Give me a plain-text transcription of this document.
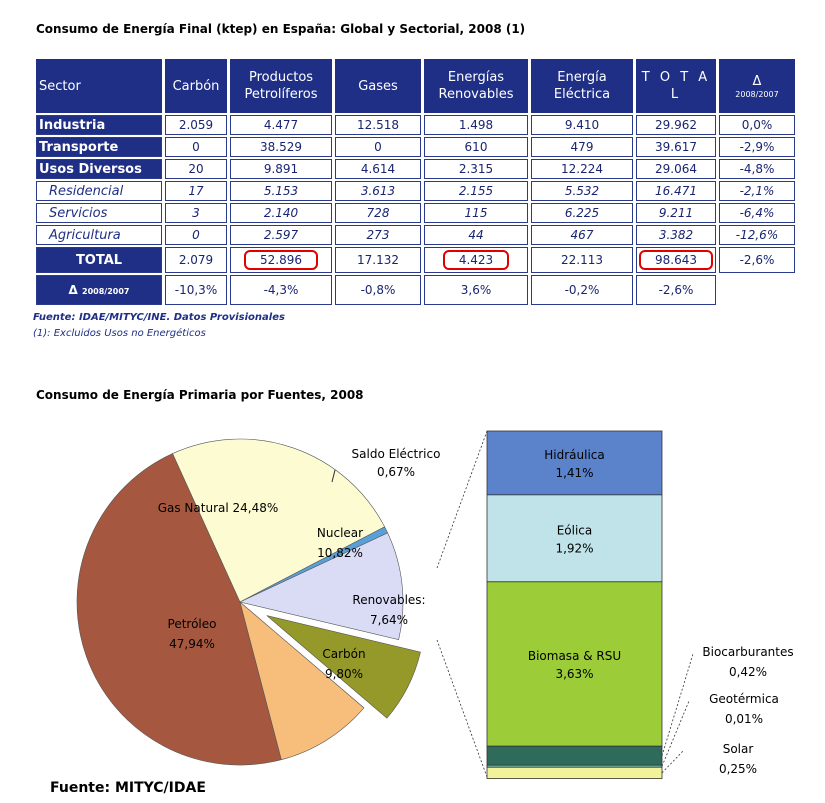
Consumo de Energía Final (ktep) en España: Global y Sectorial, 2008 (1)
Sector	Carbón	Productos Petrolíferos	Gases	Energías Renovables	Energía Eléctrica	T O T A L	Δ
2008/2007

Industria	2.059	4.477	12.518	1.498	9.410	29.962	0,0%
Transporte	0	38.529	0	610	479	39.617	-2,9%
Usos Diversos	20	9.891	4.614	2.315	12.224	29.064	-4,8%
Residencial	17	5.153	3.613	2.155	5.532	16.471	-2,1%
Servicios	3	2.140	728	115	6.225	9.211	-6,4%
Agricultura	0	2.597	273	44	467	3.382	-12,6%
TOTAL	2.079	52.896	17.132	4.423	22.113	98.643	-2,6%
Δ 2008/2007	-10,3%	-4,3%	-0,8%	3,6%	-0,2%	-2,6%	
Fuente: IDAE/MITYC/INE. Datos Provisionales
(1): Excluidos Usos no Energéticos
Consumo de Energía Primaria por Fuentes, 2008
Petróleo
47,94%
Gas Natural 24,48%
Saldo Eléctrico
0,67%
Nuclear
10,82%
Renovables:
7,64%
Carbón
9,80%
Hidráulica
1,41%
Eólica
1,92%
Biomasa & RSU
3,63%
Biocarburantes
0,42%
Geotérmica
0,01%
Solar
0,25%
Fuente: MITYC/IDAE
